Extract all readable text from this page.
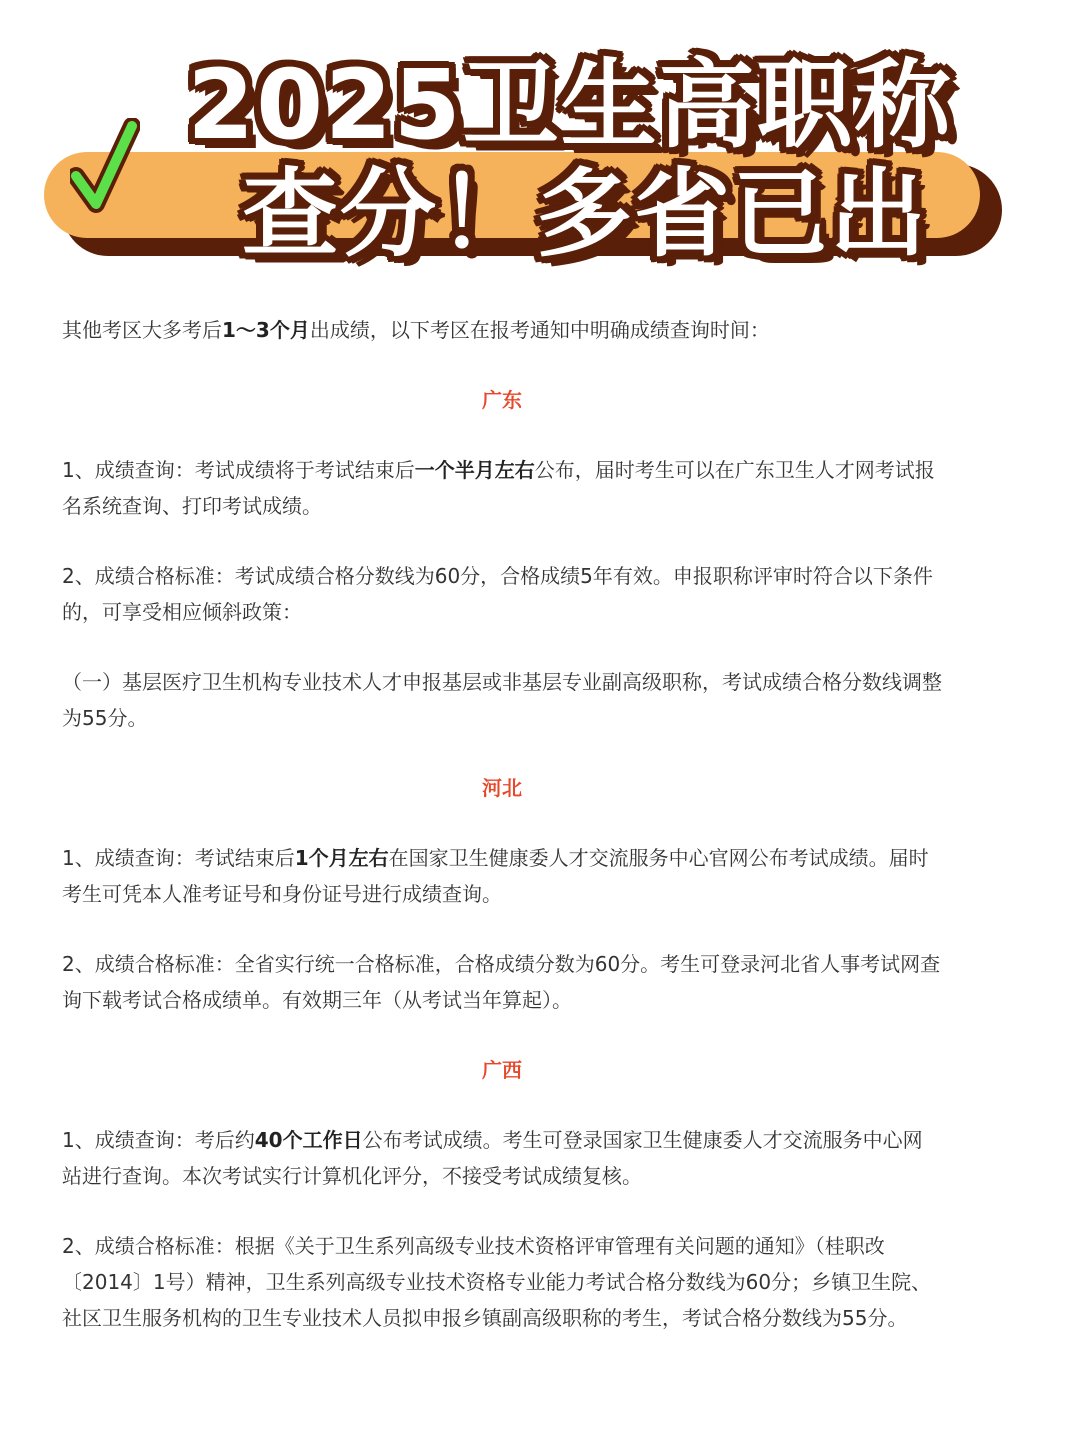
2025卫生高职称
查分！多省已出

其他考区大多考后1～3个月出成绩，以下考区在报考通知中明确成绩查询时间：

广东

1、成绩查询：考试成绩将于考试结束后一个半月左右公布，届时考生可以在广东卫生人才网考试报名系统查询、打印考试成绩。

2、成绩合格标准：考试成绩合格分数线为60分，合格成绩5年有效。申报职称评审时符合以下条件的，可享受相应倾斜政策：

（一）基层医疗卫生机构专业技术人才申报基层或非基层专业副高级职称，考试成绩合格分数线调整为55分。

河北

1、成绩查询：考试结束后1个月左右在国家卫生健康委人才交流服务中心官网公布考试成绩。届时考生可凭本人准考证号和身份证号进行成绩查询。

2、成绩合格标准：全省实行统一合格标准，合格成绩分数为60分。考生可登录河北省人事考试网查询下载考试合格成绩单。有效期三年（从考试当年算起）。

广西

1、成绩查询：考后约40个工作日公布考试成绩。考生可登录国家卫生健康委人才交流服务中心网站进行查询。本次考试实行计算机化评分，不接受考试成绩复核。

2、成绩合格标准：根据《关于卫生系列高级专业技术资格评审管理有关问题的通知》（桂职改〔2014〕1号）精神，卫生系列高级专业技术资格专业能力考试合格分数线为60分；乡镇卫生院、社区卫生服务机构的卫生专业技术人员拟申报乡镇副高级职称的考生，考试合格分数线为55分。
